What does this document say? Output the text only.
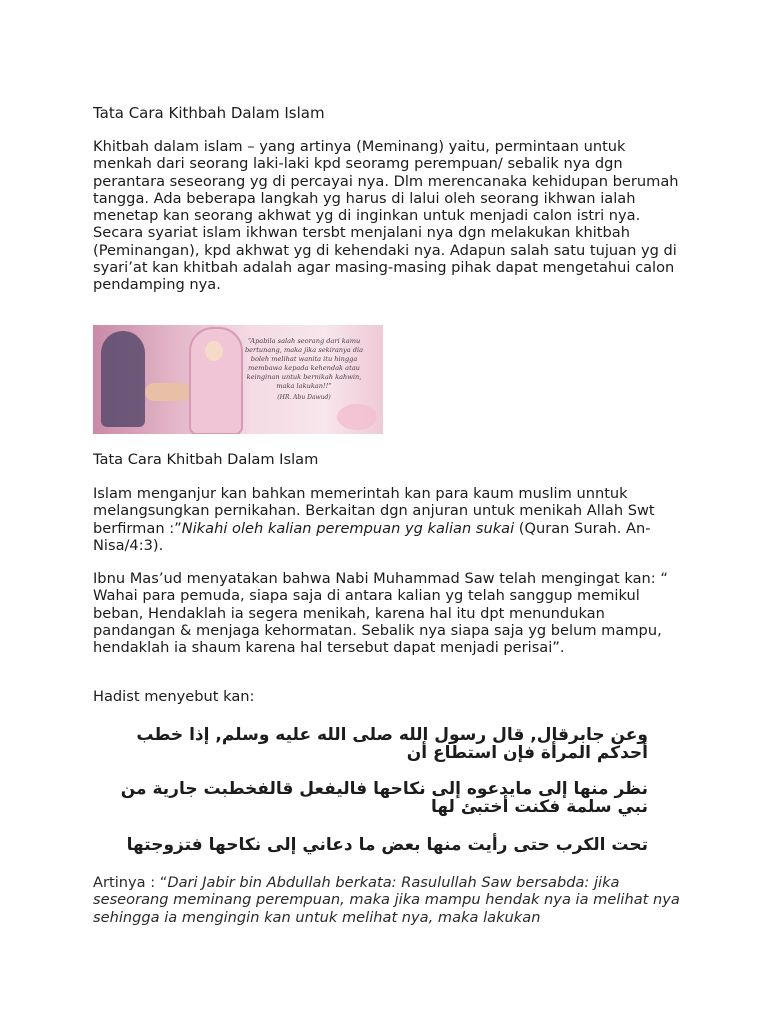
Tata Cara Kithbah Dalam Islam

Khitbah dalam islam – yang artinya (Meminang) yaitu, permintaan untuk menkah dari seorang laki-laki kpd seoramg perempuan/ sebalik nya dgn perantara seseorang yg di percayai nya. Dlm merencanaka kehidupan berumah tangga. Ada beberapa langkah yg harus di lalui oleh seorang ikhwan ialah menetap kan seorang akhwat yg di inginkan untuk menjadi calon istri nya. Secara syariat islam ikhwan tersbt menjalani nya dgn melakukan khitbah (Peminangan), kpd akhwat yg di kehendaki nya. Adapun salah satu tujuan yg di syari’at kan khitbah adalah agar masing-masing pihak dapat mengetahui calon pendamping nya.

“Apabila salah seorang dari kamu bertunang, maka jika sekiranya dia boleh melihat wanita itu hingga membawa kepada kehendak atau keinginan untuk bernikah kahwin, maka lakukan!!”
(HR. Abu Dawud)

Tata Cara Khitbah Dalam Islam

Islam menganjur kan bahkan memerintah kan para kaum muslim unntuk melangsungkan pernikahan. Berkaitan dgn anjuran untuk menikah Allah Swt berfirman :”Nikahi oleh kalian perempuan yg kalian sukai (Quran Surah. An-Nisa/4:3).

Ibnu Mas’ud menyatakan bahwa Nabi Muhammad Saw telah mengingat kan: “ Wahai para pemuda, siapa saja di antara kalian yg telah sanggup memikul beban, Hendaklah ia segera menikah, karena hal itu dpt menundukan pandangan & menjaga kehormatan. Sebalik nya siapa saja yg belum mampu, hendaklah ia shaum karena hal tersebut dapat menjadi perisai”.

Hadist menyebut kan:

وعن جابرقال, قال رسول الله صلى الله عليه وسلم, إذا خطب أحدكم المرأة فإن استطاع أن

نظر منها إلى مايدعوه إلى نكاحها فاليفعل قالفخطبت جارية من نبي سلمة فكنت أختبئ لها

تحت الكرب حتى رأيت منها بعض ما دعاني إلى نكاحها فتزوجتها

Artinya : “Dari Jabir bin Abdullah berkata: Rasulullah Saw bersabda: jika seseorang meminang perempuan, maka jika mampu hendak nya ia melihat nya sehingga ia mengingin kan untuk melihat nya, maka lakukan
